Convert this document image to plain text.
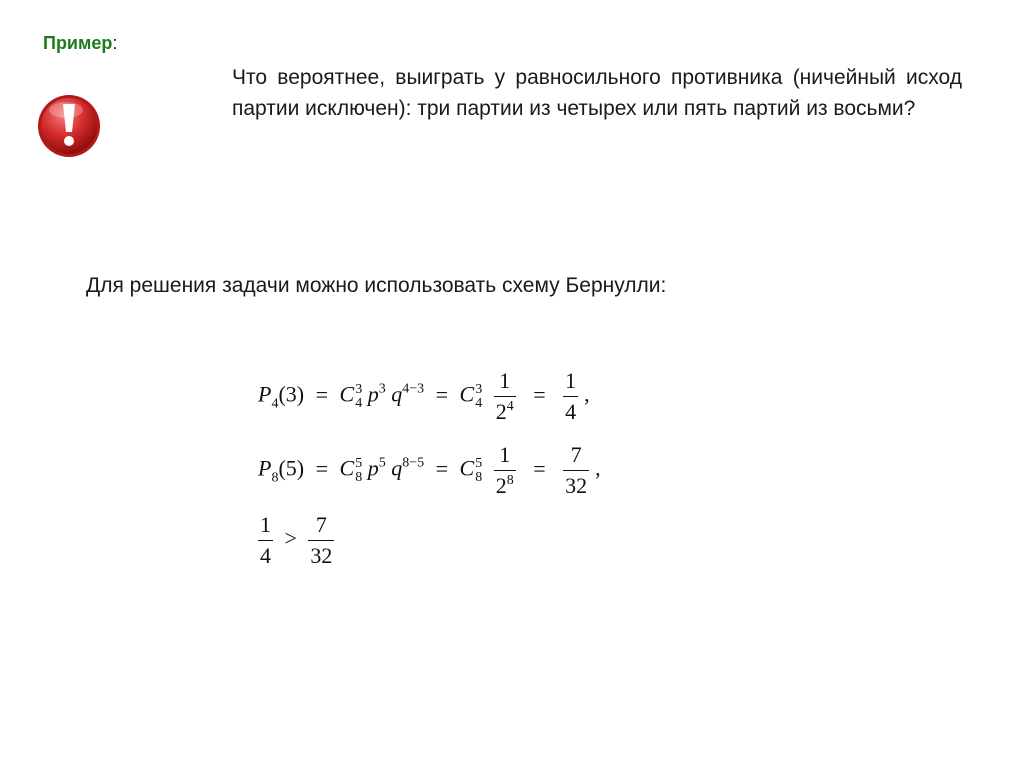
Пример:
Что вероятнее, выиграть у равносильного противника (ничейный исход партии исключен): три партии из четырех или пять партий из восьми?
Для решения задачи можно использовать схему Бернулли:
$P_4(3) = C$ 3
4 $p^3$ $q^{4-3} = C$ 3
4
$\frac{1}{2^4} = \frac{1}{4}$ ,
$P_8(5) = C$ 5
8 $p^5$ $q^{8-5} = C$ 5
8
$\frac{1}{2^8} = \frac{7}{32}$ ,
$\frac{1}{4} > \frac{7}{32}$
